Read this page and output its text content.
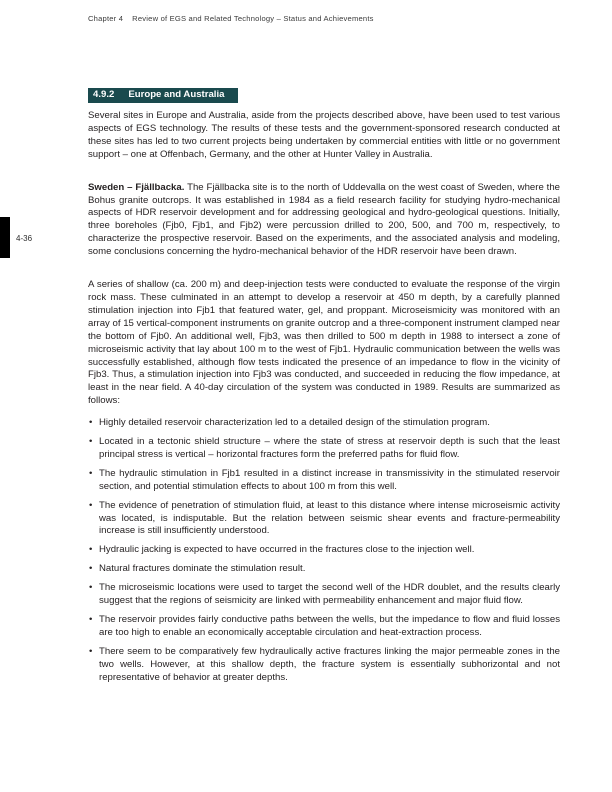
Chapter 4 Review of EGS and Related Technology – Status and Achievements
4-36
4.9.2 Europe and Australia

Several sites in Europe and Australia, aside from the projects described above, have been used to test various aspects of EGS technology. The results of these tests and the government-sponsored research conducted at these sites has led to two current projects being undertaken by commercial entities with little or no government support – one at Offenbach, Germany, and the other at Hunter Valley in Australia.

Sweden – Fjällbacka. The Fjällbacka site is to the north of Uddevalla on the west coast of Sweden, where the Bohus granite outcrops. It was established in 1984 as a field research facility for studying hydro-mechanical aspects of HDR reservoir development and for addressing geological and hydro-geological questions. Initially, three boreholes (Fjb0, Fjb1, and Fjb2) were percussion drilled to 200, 500, and 700 m, respectively, to characterize the prospective reservoir. Based on the experiments, and the associated analysis and modeling, some conclusions concerning the hydro-mechanical behavior of the HDR reservoir have been drawn.

A series of shallow (ca. 200 m) and deep-injection tests were conducted to evaluate the response of the virgin rock mass. These culminated in an attempt to develop a reservoir at 450 m depth, by a carefully planned stimulation injection into Fjb1 that featured water, gel, and proppant. Microseismicity was monitored with an array of 15 vertical-component instruments on granite outcrop and a three-component instrument clamped near the bottom of Fjb0. An additional well, Fjb3, was then drilled to 500 m depth in 1988 to intersect a zone of microseismic activity that lay about 100 m to the west of Fjb1. Hydraulic communication between the wells was successfully established, although flow tests indicated the presence of an impedance to flow in the vicinity of Fjb3. Thus, a stimulation injection into Fjb3 was conducted, and succeeded in reducing the flow impedance, at least in the near field. A 40-day circulation of the system was conducted in 1989. Results are summarized as follows:

• Highly detailed reservoir characterization led to a detailed design of the stimulation program.
• Located in a tectonic shield structure – where the state of stress at reservoir depth is such that the least principal stress is vertical – horizontal fractures form the preferred paths for fluid flow.
• The hydraulic stimulation in Fjb1 resulted in a distinct increase in transmissivity in the stimulated reservoir section, and potential stimulation effects to about 100 m from this well.
• The evidence of penetration of stimulation fluid, at least to this distance where intense microseismic activity was located, is indisputable. But the relation between seismic shear events and fracture-permeability increase is still insufficiently understood.
• Hydraulic jacking is expected to have occurred in the fractures close to the injection well.
• Natural fractures dominate the stimulation result.
• The microseismic locations were used to target the second well of the HDR doublet, and the results clearly suggest that the regions of seismicity are linked with permeability enhancement and major fluid flow.
• The reservoir provides fairly conductive paths between the wells, but the impedance to flow and fluid losses are too high to enable an economically acceptable circulation and heat-extraction process.
• There seem to be comparatively few hydraulically active fractures linking the major permeable zones in the two wells. However, at this shallow depth, the fracture system is essentially subhorizontal and not representative of behavior at greater depths.
